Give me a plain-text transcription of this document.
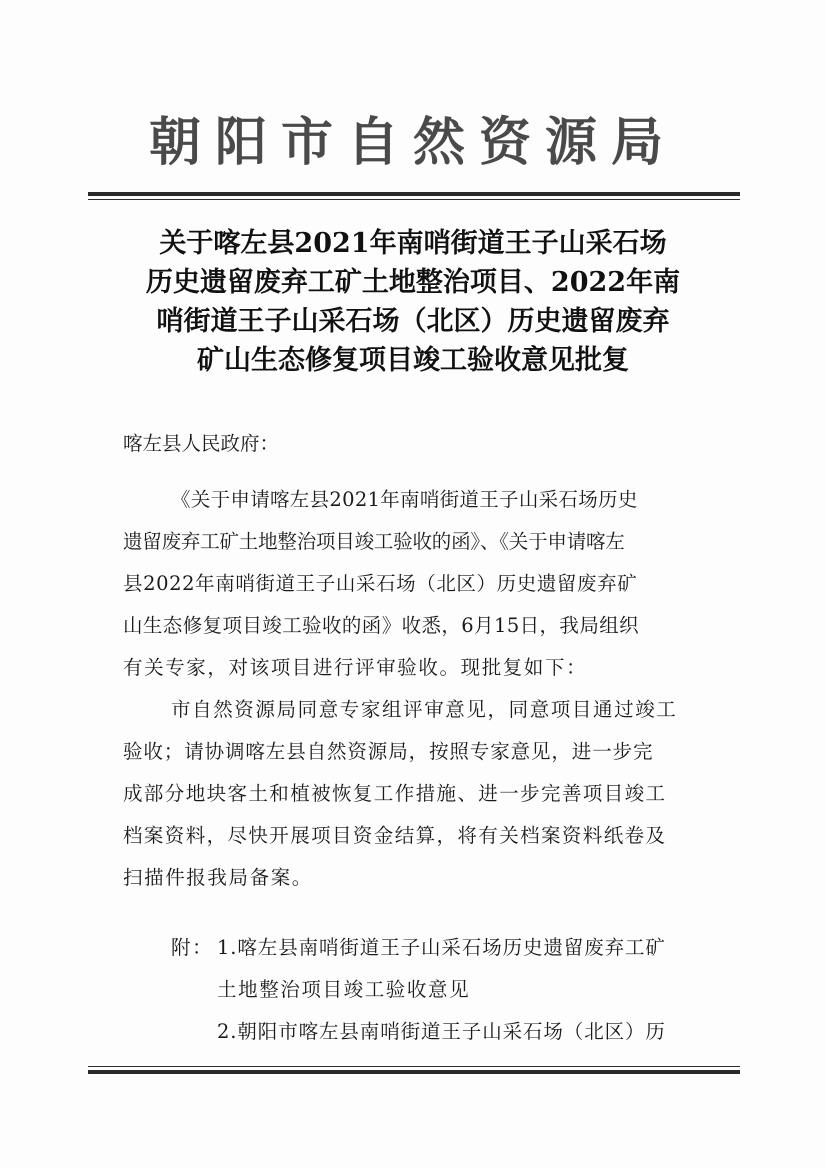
朝阳市自然资源局
关于喀左县2021年南哨街道王子山采石场
历史遗留废弃工矿土地整治项目、2022年南
哨街道王子山采石场（北区）历史遗留废弃
矿山生态修复项目竣工验收意见批复
喀左县人民政府：
《关于申请喀左县2021年南哨街道王子山采石场历史
遗留废弃工矿土地整治项目竣工验收的函》、《关于申请喀左
县2022年南哨街道王子山采石场（北区）历史遗留废弃矿
山生态修复项目竣工验收的函》收悉，6月15日，我局组织
有关专家，对该项目进行评审验收。现批复如下：
市自然资源局同意专家组评审意见，同意项目通过竣工
验收；请协调喀左县自然资源局，按照专家意见，进一步完
成部分地块客土和植被恢复工作措施、进一步完善项目竣工
档案资料，尽快开展项目资金结算，将有关档案资料纸卷及
扫描件报我局备案。
附： 1.喀左县南哨街道王子山采石场历史遗留废弃工矿
土地整治项目竣工验收意见
2.朝阳市喀左县南哨街道王子山采石场（北区）历
